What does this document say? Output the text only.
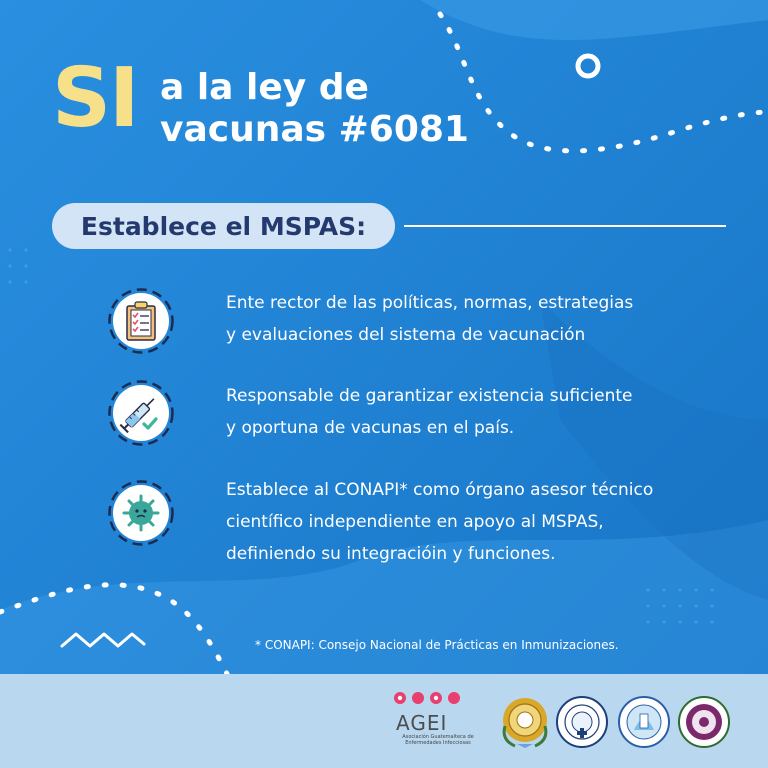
SI a la ley de
vacunas #6081
Establece el MSPAS:
Ente rector de las políticas, normas, estrategias
y evaluaciones del sistema de vacunación
Responsable de garantizar existencia suficiente
y oportuna de vacunas en el país.
Establece al CONAPI* como órgano asesor técnico
científico independiente en apoyo al MSPAS,
definiendo su integracióin y funciones.
* CONAPI: Consejo Nacional de Prácticas en Inmunizaciones.
AGEI
Asociación Guatemalteca de Enfermedades Infecciosas
